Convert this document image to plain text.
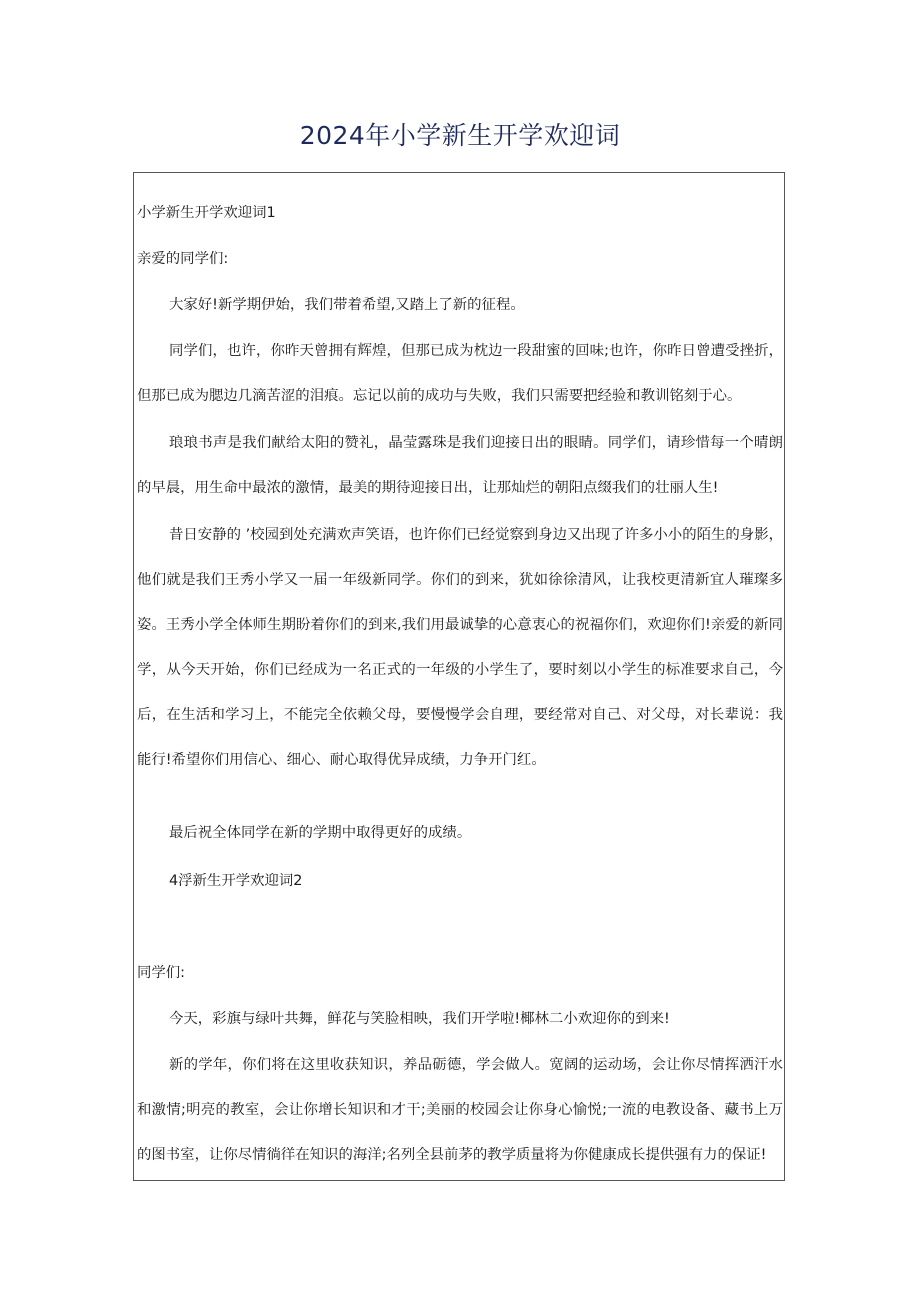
2024年小学新生开学欢迎词

小学新生开学欢迎词1

亲爱的同学们:

大家好!新学期伊始，我们带着希望,又踏上了新的征程。

同学们，也许，你昨天曾拥有辉煌，但那已成为枕边一段甜蜜的回味;也许，你昨日曾遭受挫折，但那已成为腮边几滴苦涩的泪痕。忘记以前的成功与失败，我们只需要把经验和教训铭刻于心。

琅琅书声是我们献给太阳的赞礼，晶莹露珠是我们迎接日出的眼睛。同学们，请珍惜每一个晴朗的早晨，用生命中最浓的激情，最美的期待迎接日出，让那灿烂的朝阳点缀我们的壮丽人生!

昔日安静的 ’校园到处充满欢声笑语，也许你们已经觉察到身边又出现了许多小小的陌生的身影，他们就是我们王秀小学又一届一年级新同学。你们的到来，犹如徐徐清风，让我校更清新宜人璀璨多姿。王秀小学全体师生期盼着你们的到来,我们用最诚挚的心意衷心的祝福你们，欢迎你们!亲爱的新同学，从今天开始，你们已经成为一名正式的一年级的小学生了，要时刻以小学生的标准要求自己，今后，在生活和学习上，不能完全依赖父母，要慢慢学会自理，要经常对自己、对父母，对长辈说：我能行!希望你们用信心、细心、耐心取得优异成绩，力争开门红。

最后祝全体同学在新的学期中取得更好的成绩。

4浮新生开学欢迎词2

同学们:

今天，彩旗与绿叶共舞，鲜花与笑脸相映，我们开学啦!椰林二小欢迎你的到来!

新的学年，你们将在这里收获知识，养品砺德，学会做人。宽阔的运动场，会让你尽情挥洒汗水和激情;明亮的教室，会让你增长知识和才干;美丽的校园会让你身心愉悦;一流的电教设备、藏书上万的图书室，让你尽情徜徉在知识的海洋;名列全县前茅的教学质量将为你健康成长提供强有力的保证!
